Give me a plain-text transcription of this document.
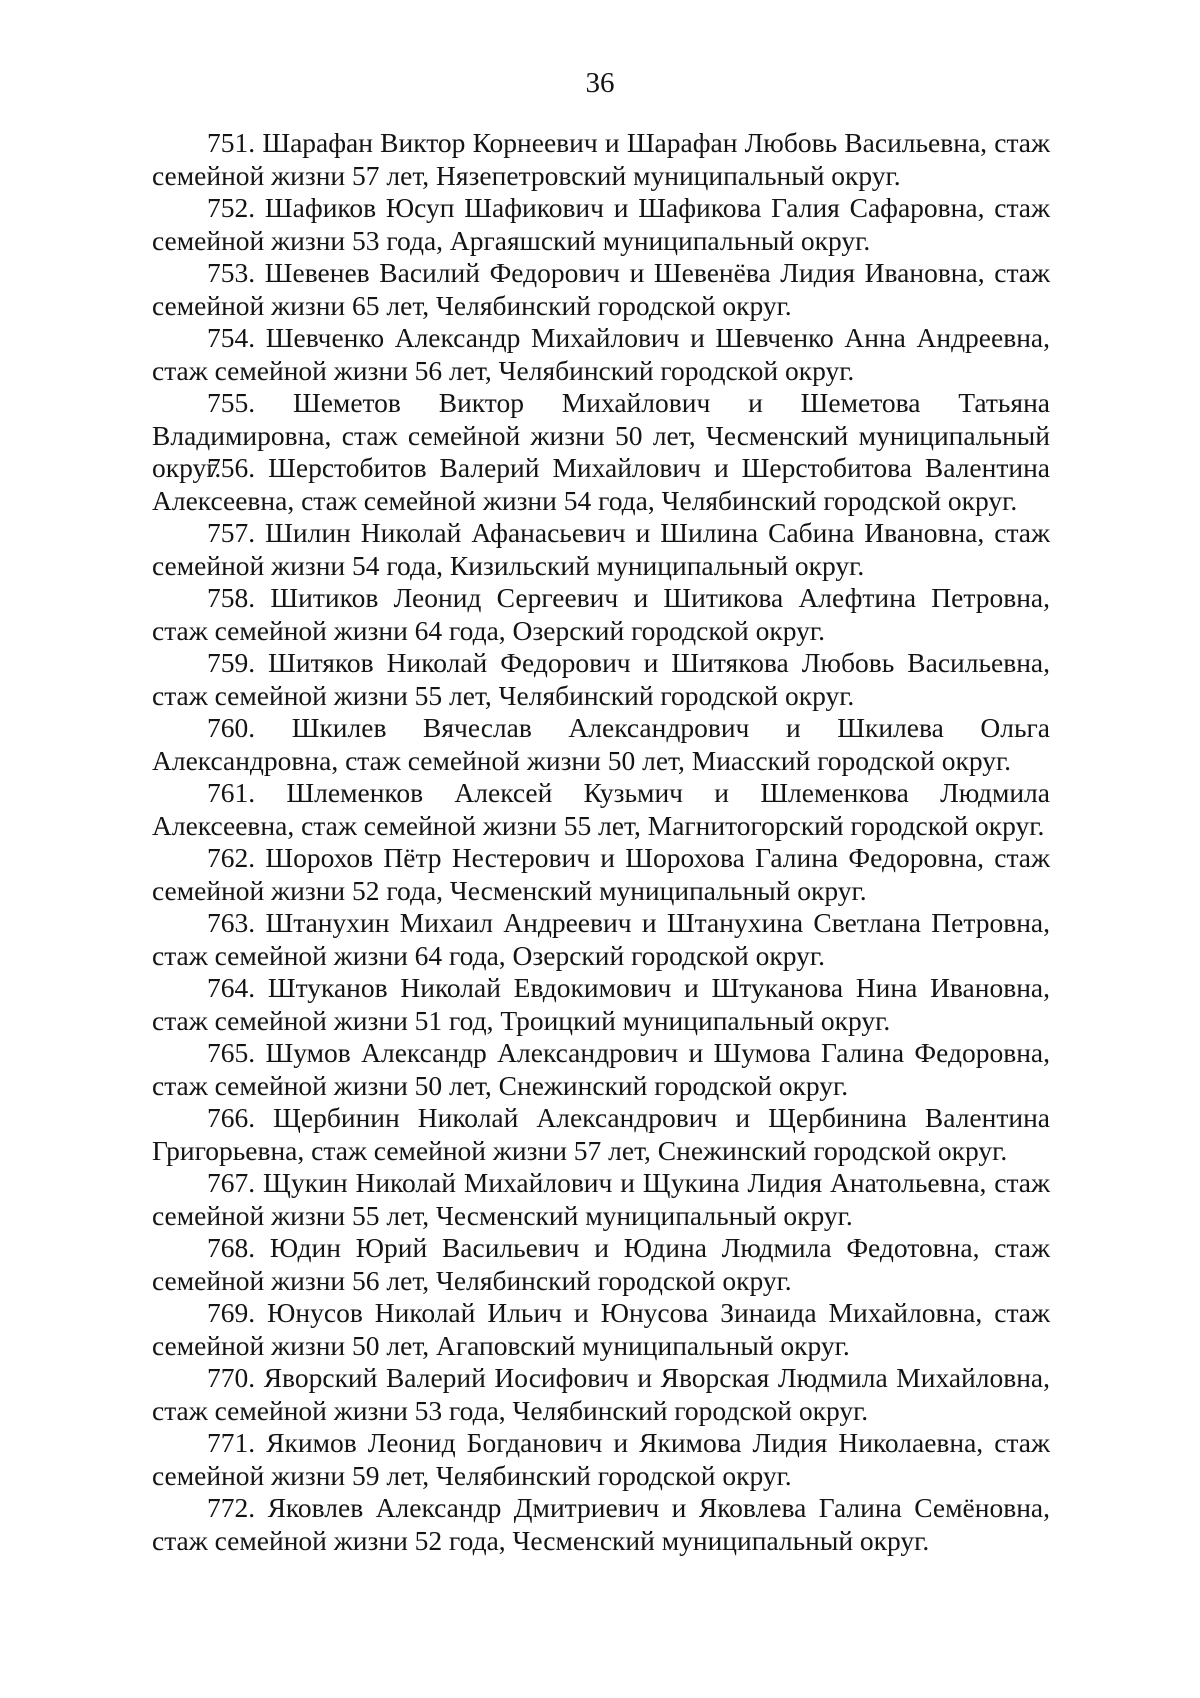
36

751. Шарафан Виктор Корнеевич и Шарафан Любовь Васильевна, стаж семейной жизни 57 лет, Нязепетровский муниципальный округ.

752. Шафиков Юсуп Шафикович и Шафикова Галия Сафаровна, стаж семейной жизни 53 года, Аргаяшский муниципальный округ.

753. Шевенев Василий Федорович и Шевенёва Лидия Ивановна, стаж семейной жизни 65 лет, Челябинский городской округ.

754. Шевченко Александр Михайлович и Шевченко Анна Андреевна, стаж семейной жизни 56 лет, Челябинский городской округ.

755. Шеметов Виктор Михайлович и Шеметова Татьяна Владимировна, стаж семейной жизни 50 лет, Чесменский муниципальный округ.

756. Шерстобитов Валерий Михайлович и Шерстобитова Валентина Алексеевна, стаж семейной жизни 54 года, Челябинский городской округ.

757. Шилин Николай Афанасьевич и Шилина Сабина Ивановна, стаж семейной жизни 54 года, Кизильский муниципальный округ.

758. Шитиков Леонид Сергеевич и Шитикова Алефтина Петровна, стаж семейной жизни 64 года, Озерский городской округ.

759. Шитяков Николай Федорович и Шитякова Любовь Васильевна, стаж семейной жизни 55 лет, Челябинский городской округ.

760. Шкилев Вячеслав Александрович и Шкилева Ольга Александровна, стаж семейной жизни 50 лет, Миасский городской округ.

761. Шлеменков Алексей Кузьмич и Шлеменкова Людмила Алексеевна, стаж семейной жизни 55 лет, Магнитогорский городской округ.

762. Шорохов Пётр Нестерович и Шорохова Галина Федоровна, стаж семейной жизни 52 года, Чесменский муниципальный округ.

763. Штанухин Михаил Андреевич и Штанухина Светлана Петровна, стаж семейной жизни 64 года, Озерский городской округ.

764. Штуканов Николай Евдокимович и Штуканова Нина Ивановна, стаж семейной жизни 51 год, Троицкий муниципальный округ.

765. Шумов Александр Александрович и Шумова Галина Федоровна, стаж семейной жизни 50 лет, Снежинский городской округ.

766. Щербинин Николай Александрович и Щербинина Валентина Григорьевна, стаж семейной жизни 57 лет, Снежинский городской округ.

767. Щукин Николай Михайлович и Щукина Лидия Анатольевна, стаж семейной жизни 55 лет, Чесменский муниципальный округ.

768. Юдин Юрий Васильевич и Юдина Людмила Федотовна, стаж семейной жизни 56 лет, Челябинский городской округ.

769. Юнусов Николай Ильич и Юнусова Зинаида Михайловна, стаж семейной жизни 50 лет, Агаповский муниципальный округ.

770. Яворский Валерий Иосифович и Яворская Людмила Михайловна, стаж семейной жизни 53 года, Челябинский городской округ.

771. Якимов Леонид Богданович и Якимова Лидия Николаевна, стаж семейной жизни 59 лет, Челябинский городской округ.

772. Яковлев Александр Дмитриевич и Яковлева Галина Семёновна, стаж семейной жизни 52 года, Чесменский муниципальный округ.
